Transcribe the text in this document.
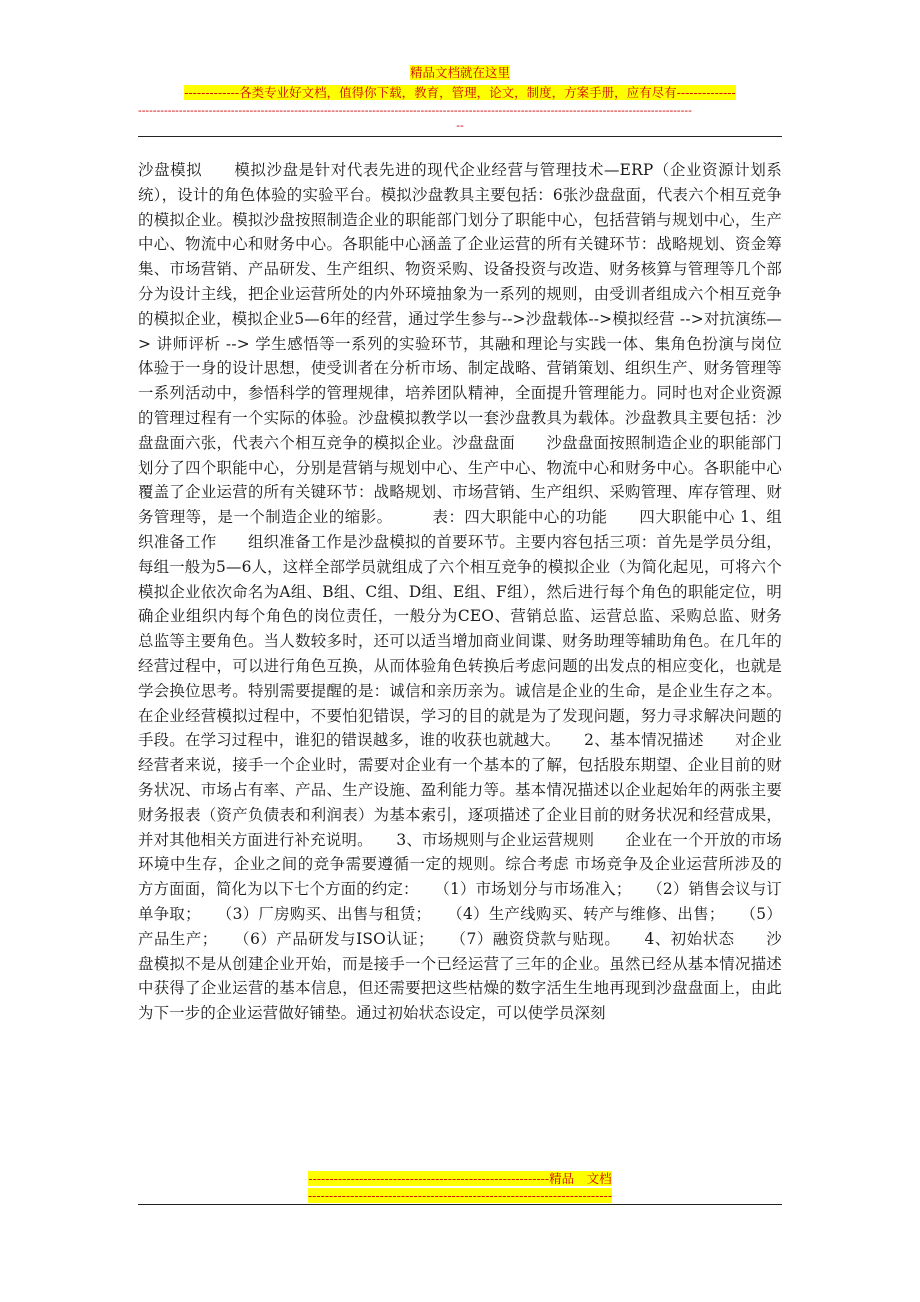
精品文档就在这里
-------------各类专业好文档，值得你下载，教育，管理，论文，制度，方案手册，应有尽有--------------
-----------------------------------------------------------------------------------------------------------------------------------------------------
--

沙盘模拟　　模拟沙盘是针对代表先进的现代企业经营与管理技术—ERP（企业资源计划系统），设计的角色体验的实验平台。模拟沙盘教具主要包括：6张沙盘盘面，代表六个相互竞争的模拟企业。模拟沙盘按照制造企业的职能部门划分了职能中心，包括营销与规划中心，生产中心、物流中心和财务中心。各职能中心涵盖了企业运营的所有关键环节：战略规划、资金筹集、市场营销、产品研发、生产组织、物资采购、设备投资与改造、财务核算与管理等几个部分为设计主线，把企业运营所处的内外环境抽象为一系列的规则，由受训者组成六个相互竞争的模拟企业，模拟企业5—6年的经营，通过学生参与-->沙盘载体-->模拟经营 -->对抗演练—> 讲师评析 --> 学生感悟等一系列的实验环节，其融和理论与实践一体、集角色扮演与岗位体验于一身的设计思想，使受训者在分析市场、制定战略、营销策划、组织生产、财务管理等一系列活动中，参悟科学的管理规律，培养团队精神，全面提升管理能力。同时也对企业资源的管理过程有一个实际的体验。沙盘模拟教学以一套沙盘教具为载体。沙盘教具主要包括：沙盘盘面六张，代表六个相互竞争的模拟企业。沙盘盘面　　沙盘盘面按照制造企业的职能部门划分了四个职能中心，分别是营销与规划中心、生产中心、物流中心和财务中心。各职能中心覆盖了企业运营的所有关键环节：战略规划、市场营销、生产组织、采购管理、库存管理、财务管理等，是一个制造企业的缩影。　　　表：四大职能中心的功能　　四大职能中心 1、组织准备工作　　组织准备工作是沙盘模拟的首要环节。主要内容包括三项：首先是学员分组，每组一般为5—6人，这样全部学员就组成了六个相互竞争的模拟企业（为简化起见，可将六个模拟企业依次命名为A组、B组、C组、D组、E组、F组），然后进行每个角色的职能定位，明确企业组织内每个角色的岗位责任，一般分为CEO、营销总监、运营总监、采购总监、财务总监等主要角色。当人数较多时，还可以适当增加商业间谍、财务助理等辅助角色。在几年的经营过程中，可以进行角色互换，从而体验角色转换后考虑问题的出发点的相应变化，也就是学会换位思考。特别需要提醒的是：诚信和亲历亲为。诚信是企业的生命，是企业生存之本。在企业经营模拟过程中，不要怕犯错误，学习的目的就是为了发现问题，努力寻求解决问题的手段。在学习过程中，谁犯的错误越多，谁的收获也就越大。　　2、基本情况描述　　对企业经营者来说，接手一个企业时，需要对企业有一个基本的了解，包括股东期望、企业目前的财务状况、市场占有率、产品、生产设施、盈利能力等。基本情况描述以企业起始年的两张主要财务报表（资产负债表和利润表）为基本索引，逐项描述了企业目前的财务状况和经营成果，并对其他相关方面进行补充说明。　　3、市场规则与企业运营规则　　企业在一个开放的市场环境中生存，企业之间的竞争需要遵循一定的规则。综合考虑 市场竞争及企业运营所涉及的方方面面，简化为以下七个方面的约定：　　（1）市场划分与市场准入；　　（2）销售会议与订单争取；　　（3）厂房购买、出售与租赁；　　（4）生产线购买、转产与维修、出售；　　（5）产品生产；　　（6）产品研发与ISO认证；　　（7）融资贷款与贴现。　　4、初始状态　　沙盘模拟不是从创建企业开始，而是接手一个已经运营了三年的企业。虽然已经从基本情况描述中获得了企业运营的基本信息，但还需要把这些枯燥的数字活生生地再现到沙盘盘面上，由此为下一步的企业运营做好铺垫。通过初始状态设定，可以使学员深刻

---------------------------------------------------------精品　文档
------------------------------------------------------------------------
